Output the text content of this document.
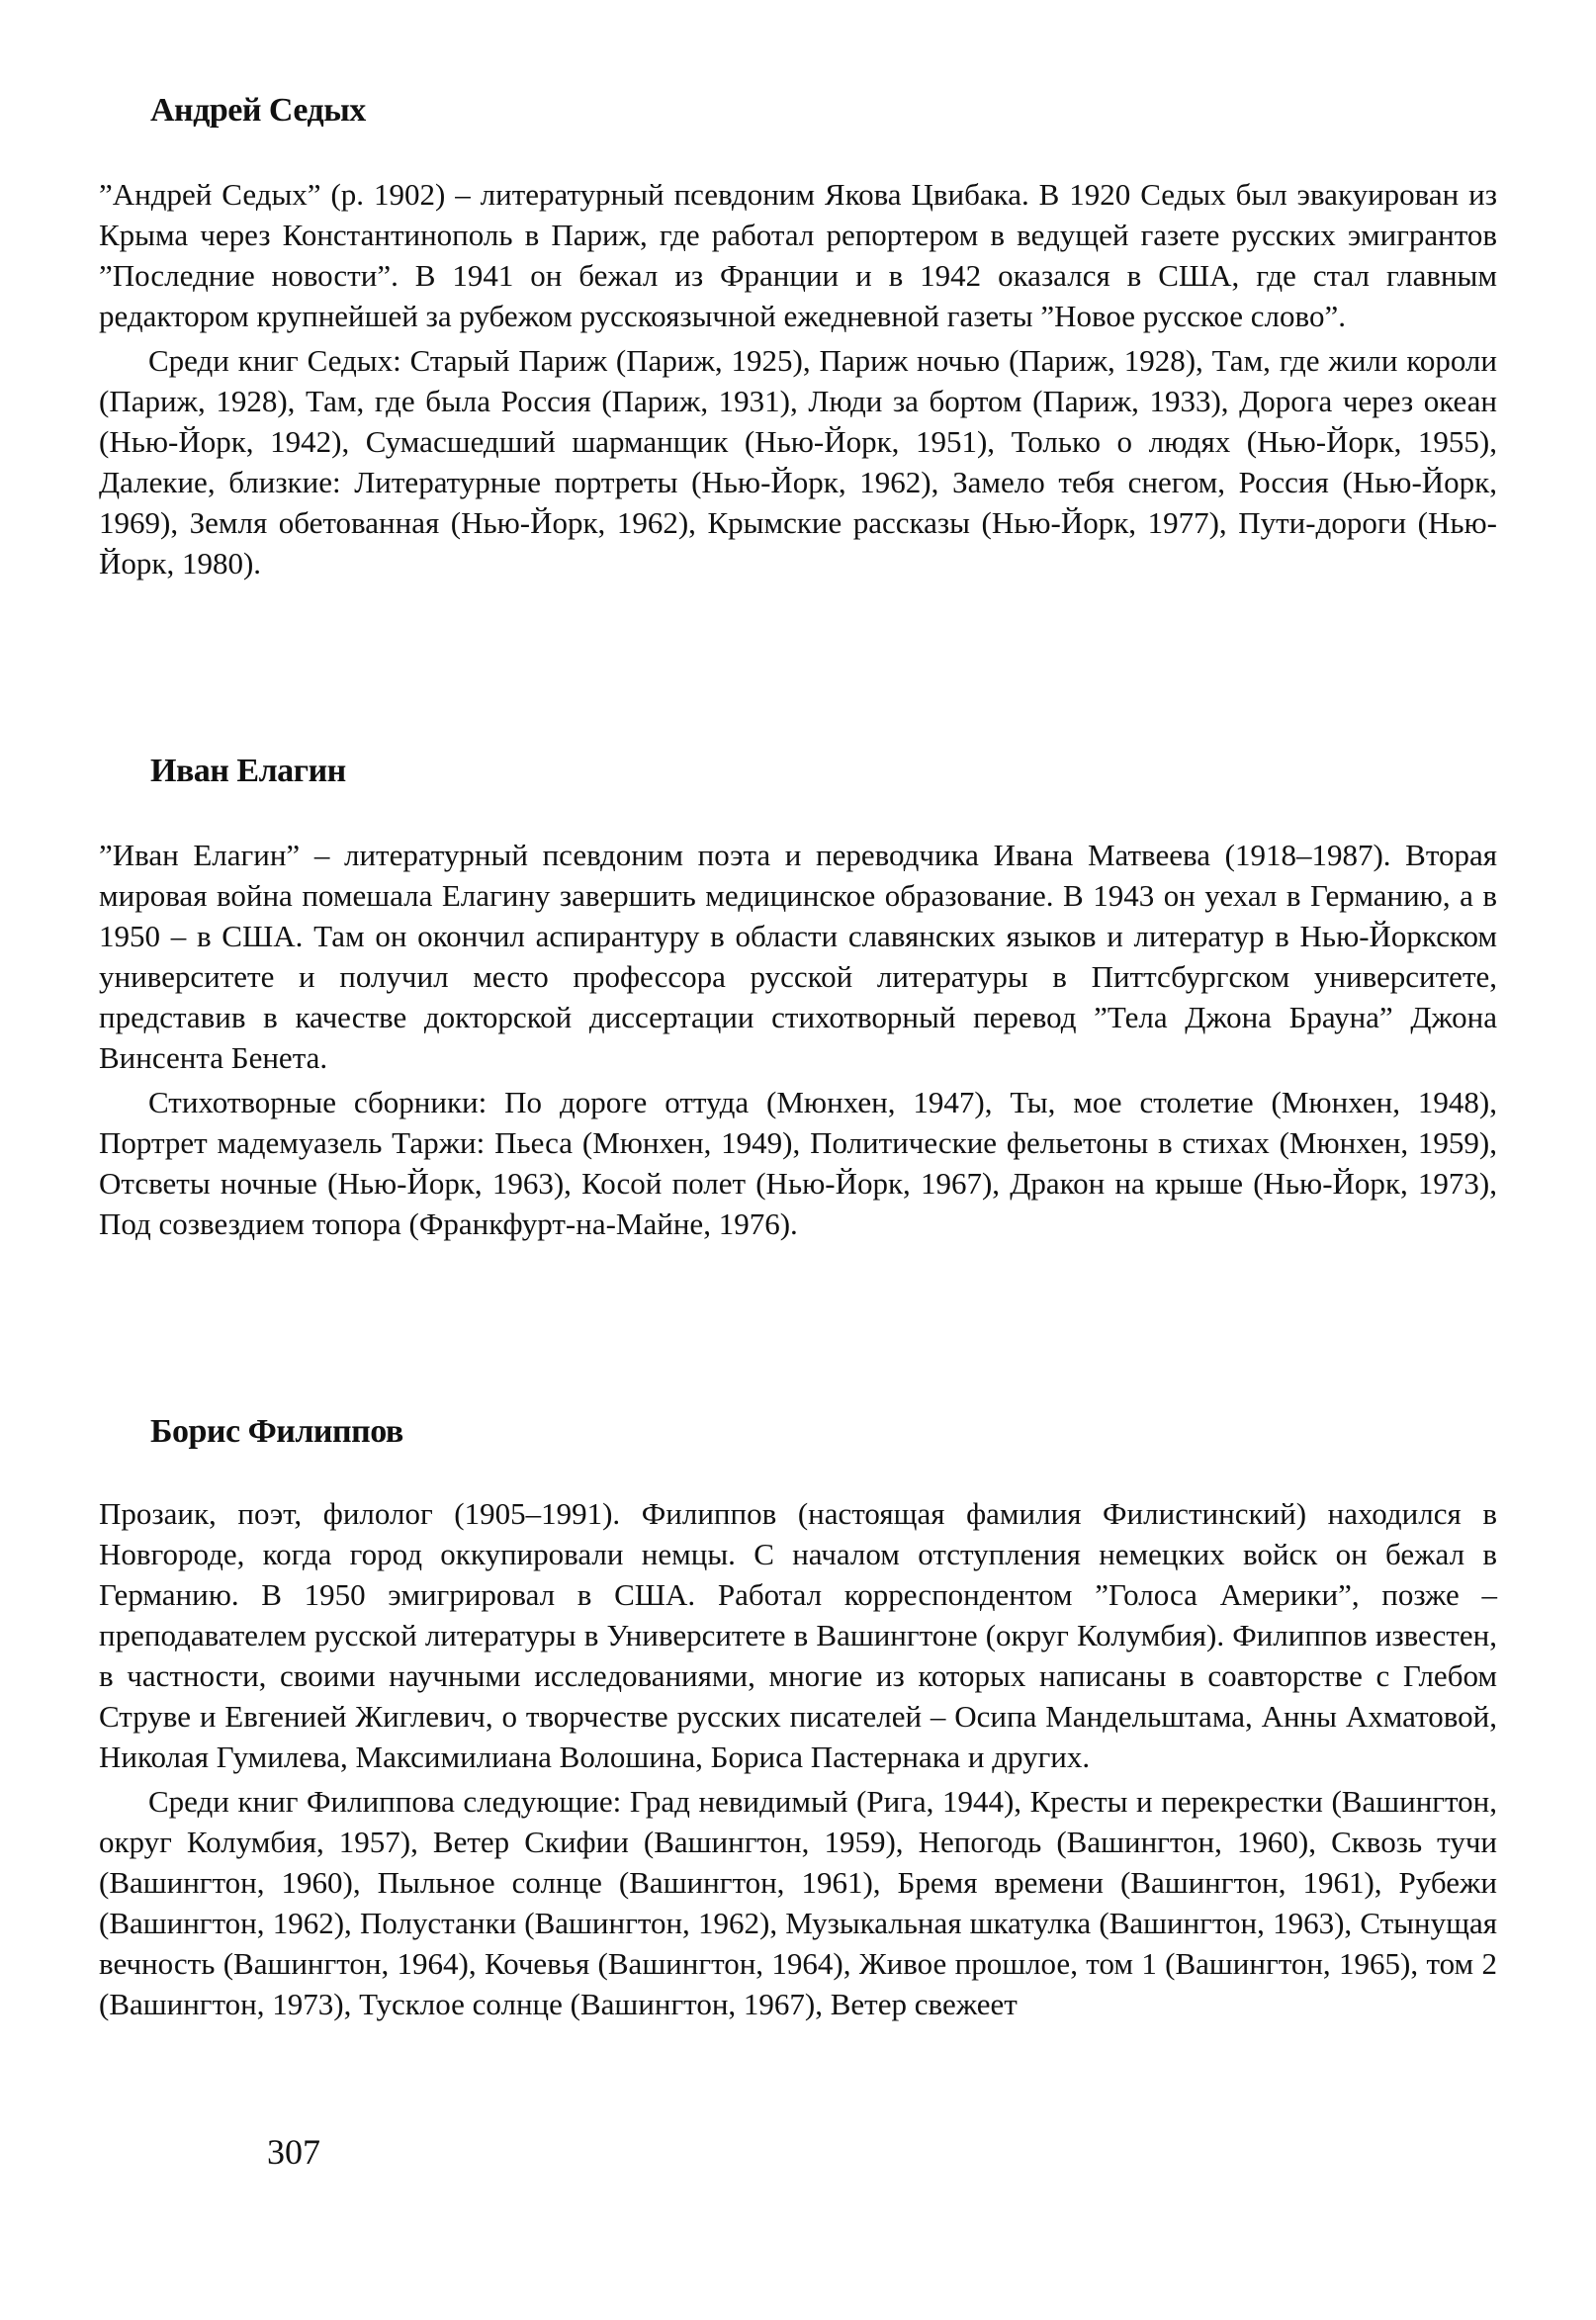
Андрей Седых

”Андрей Седых” (р. 1902) – литературный псевдоним Якова Цвибака. В 1920 Седых был эвакуирован из Крыма через Константинополь в Париж, где работал репортером в ведущей газете русских эмигрантов ”Последние новости”. В 1941 он бежал из Франции и в 1942 оказался в США, где стал главным редактором крупнейшей за рубежом русскоязычной ежедневной газеты ”Новое русское слово”.

Среди книг Седых: Старый Париж (Париж, 1925), Париж ночью (Париж, 1928), Там, где жили короли (Париж, 1928), Там, где была Россия (Париж, 1931), Люди за бортом (Париж, 1933), Дорога через океан (Нью-Йорк, 1942), Сумасшедший шарманщик (Нью-Йорк, 1951), Только о людях (Нью-Йорк, 1955), Далекие, близкие: Литературные портреты (Нью-Йорк, 1962), Замело тебя снегом, Россия (Нью-Йорк, 1969), Земля обетованная (Нью-Йорк, 1962), Крымские рассказы (Нью-Йорк, 1977), Пути-дороги (Нью-Йорк, 1980).

Иван Елагин

”Иван Елагин” – литературный псевдоним поэта и переводчика Ивана Матвеева (1918–1987). Вторая мировая война помешала Елагину завершить медицинское образование. В 1943 он уехал в Германию, а в 1950 – в США. Там он окончил аспирантуру в области славянских языков и литератур в Нью-Йоркском университете и получил место профессора русской литературы в Питтсбургском университете, представив в качестве докторской диссертации стихотворный перевод ”Тела Джона Брауна” Джона Винсента Бенета.

Стихотворные сборники: По дороге оттуда (Мюнхен, 1947), Ты, мое столетие (Мюнхен, 1948), Портрет мадемуазель Таржи: Пьеса (Мюнхен, 1949), Политические фельетоны в стихах (Мюнхен, 1959), Отсветы ночные (Нью-Йорк, 1963), Косой полет (Нью-Йорк, 1967), Дракон на крыше (Нью-Йорк, 1973), Под созвездием топора (Франкфурт-на-Майне, 1976).

Борис Филиппов

Прозаик, поэт, филолог (1905–1991). Филиппов (настоящая фамилия Филистинский) находился в Новгороде, когда город оккупировали немцы. С началом отступления немецких войск он бежал в Германию. В 1950 эмигрировал в США. Работал корреспондентом ”Голоса Америки”, позже – преподавателем русской литературы в Университете в Вашингтоне (округ Колумбия). Филиппов известен, в частности, своими научными исследованиями, многие из которых написаны в соавторстве с Глебом Струве и Евгенией Жиглевич, о творчестве русских писателей – Осипа Мандельштама, Анны Ахматовой, Николая Гумилева, Максимилиана Волошина, Бориса Пастернака и других.

Среди книг Филиппова следующие: Град невидимый (Рига, 1944), Кресты и перекрестки (Вашингтон, округ Колумбия, 1957), Ветер Скифии (Вашингтон, 1959), Непогодь (Вашингтон, 1960), Сквозь тучи (Вашингтон, 1960), Пыльное солнце (Вашингтон, 1961), Бремя времени (Вашингтон, 1961), Рубежи (Вашингтон, 1962), Полустанки (Вашингтон, 1962), Музыкальная шкатулка (Вашингтон, 1963), Стынущая вечность (Вашингтон, 1964), Кочевья (Вашингтон, 1964), Живое прошлое, том 1 (Вашингтон, 1965), том 2 (Вашингтон, 1973), Тусклое солнце (Вашингтон, 1967), Ветер свежеет

307
